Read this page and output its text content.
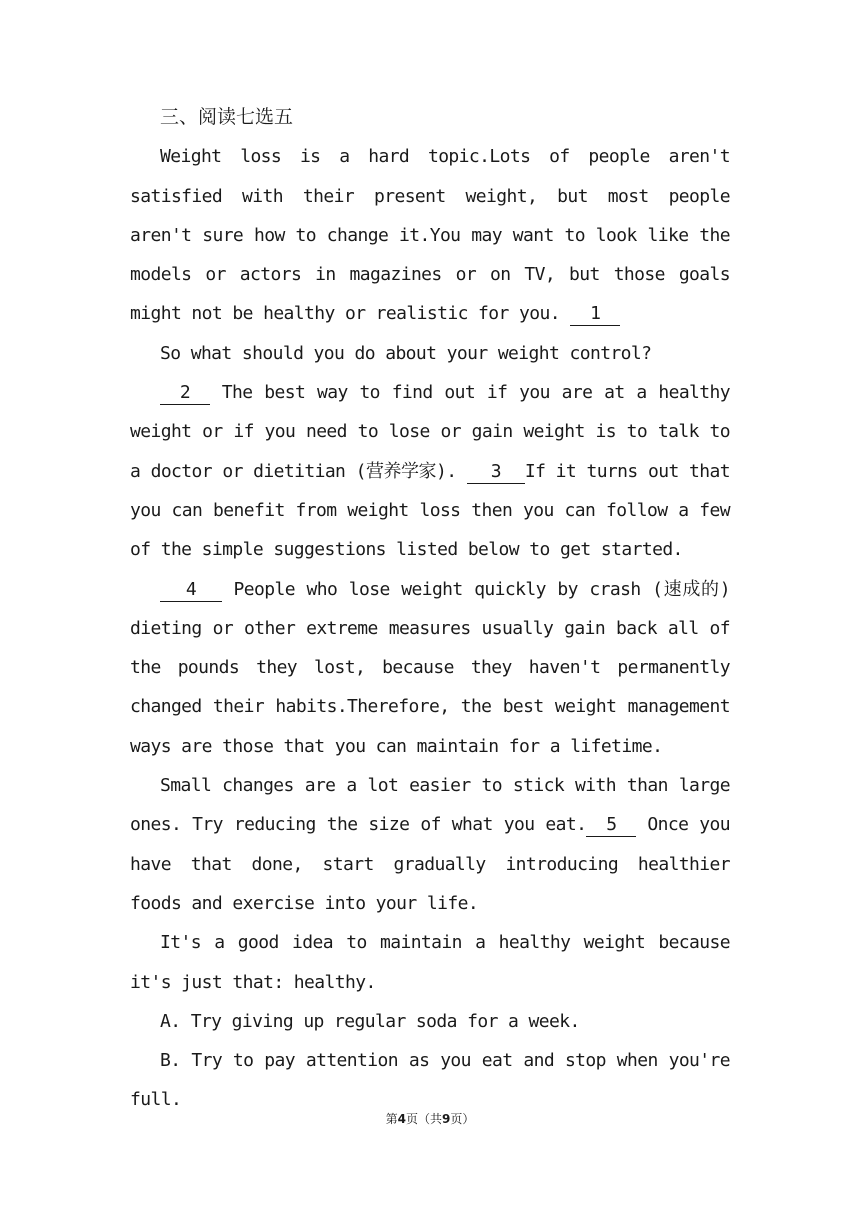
三、阅读七选五

Weight loss is a hard topic.Lots of people aren't satisfied with their present weight, but most people aren't sure how to change it.You may want to look like the models or actors in magazines or on TV, but those goals might not be healthy or realistic for you. 1

So what should you do about your weight control?

2 The best way to find out if you are at a healthy weight or if you need to lose or gain weight is to talk to a doctor or dietitian (营养学家). 3 If it turns out that you can benefit from weight loss then you can follow a few of the simple suggestions listed below to get started.

4 People who lose weight quickly by crash (速成的) dieting or other extreme measures usually gain back all of the pounds they lost, because they haven't permanently changed their habits.Therefore, the best weight management ways are those that you can maintain for a lifetime.

Small changes are a lot easier to stick with than large ones. Try reducing the size of what you eat. 5 Once you have that done, start gradually introducing healthier foods and exercise into your life.

It's a good idea to maintain a healthy weight because it's just that: healthy.

A. Try giving up regular soda for a week.

B. Try to pay attention as you eat and stop when you're full.

第4页（共9页）
